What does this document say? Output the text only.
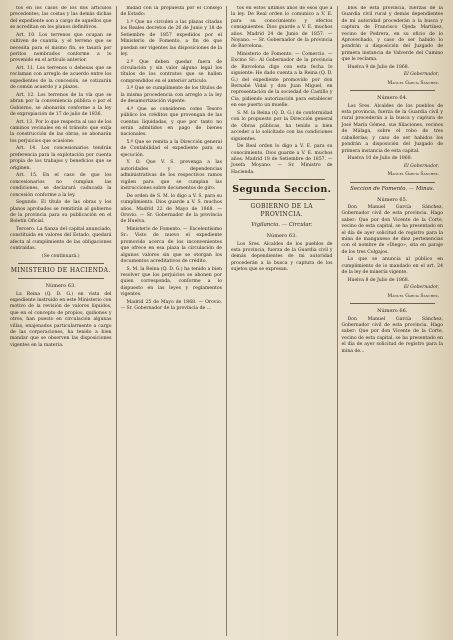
tos en los casos de los dos artículos precedentes, las costas y las demás dichas del expediente son a cargo de aquellos que se acreditan en los planos definitivos.

Art. 10. Los terrenos que ocupan se cultiven de cuantía, y el terreno que se necesita para el mismo fin, se tasará por peritos nombrados conforme a lo prevenido en el artículo anterior.

Art. 11. Los terrenos o dehesas que se reclaman con arreglo de acuerdo entre los expedientes de la concesión, se cotizarán de común acuerdo y a plazos.

Art. 12. Los terrenos de la vía que se abran por la conveniencia pública o por el Gobierno, se abonarán conforme a la ley de expropiación de 17 de julio de 1836.

Art. 13. Por lo que respecta al uso de los caminos vecinales en el tránsito que exija la construcción de las obras, se abonarán los perjuicios que ocasione.

Art. 14. Los concesionarios tendrán preferencia para la explotación por cuenta propia de los trabajos y beneficios que se originen.

Art. 15. En el caso de que los concesionarios no cumplan las condiciones, se declarará caducada la concesión conforme a la ley.

Segundo. El título de las obras y los planos aprobados se remitirán al gobierno de la provincia para su publicación en el Boletín Oficial.

Tercero. La fianza del capital anunciado, constituida en valores del Estado, quedará afecta al cumplimiento de las obligaciones contraídas.

(Se continuará.)

MINISTERIO DE HACIENDA.

Número 63.

La Reina (Q. D. G.) en vista del expediente instruido en este Ministerio con motivo de la revisión de valores líquidos, que en el concepto de propios, quiñones y otros, han puesto en circulación algunas villas, enajenados particularmente a cargo de las corporaciones, ha tenido a bien mandar que se observen las disposiciones vigentes en la materia.

midad con la propuesta por el Consejo de Estado:

1.º Que no circulen a las plazas citadas los Reales decretos de 26 de Junio y 18 de Setiembre de 1857 expedidos por el Ministerio de Fomento, a fin de que puedan ser vigentes las disposiciones de la ley.

2.º Que deben quedar fuera de circulación y sin valor alguno legal los títulos de los contratos que se hallen comprendidos en el anterior artículo.

3.º Que se cumplimente de los títulos de la misma procedencia con arreglo a la ley de desamortización vigente.

4.º Que se consideren como Tesoro público los créditos que provengan de las cuentas liquidadas, y que por tanto no serán admitidos en pago de bienes nacionales.

5.º Que se remita a la Dirección general de Contabilidad el expediente para su ejecución.

Y. O. Que V. S. prevenga a las autoridades y dependencias administrativas de los respectivos ramos vigilen para que se cumplan las instrucciones sobre documentos de giro.

De orden de S. M. lo digo a V. S. para su cumplimiento. Dios guarde a V. S. muchos años. Madrid 22 de Mayo de 1868. — Orovio. — Sr. Gobernador de la provincia de Huelva.

Ministerio de Fomento. — Excelentísimo Sr.: Visto de nuevo el expediente promovido acerca de los inconvenientes que ofrece en esa plaza la circulación de algunos valores sin que se otorgan los documentos acreditativos de crédito.

S. M. la Reina (Q. D. G.) ha tenido a bien resolver que los perjuicios se abonen por quien corresponda, conforme a lo dispuesto en las leyes y reglamentos vigentes.

Madrid 25 de Mayo de 1868. — Orovio. — Sr. Gobernador de la provincia de ...

tos en estos últimos años de esos que a la ley. De Real orden lo comunico a V. E. para su conocimiento y efectos consiguientes. Dios guarde a V. E. muchos años. Madrid 24 de Junio de 1857. — Noyano. — Sr. Gobernador de la provincia de Barcelona.

Ministerio de Fomento. — Comercio. — Excmo Sr.: Al Gobernador de la provincia de Barcelona digo con esta fecha lo siguiente: He dado cuenta a la Reina (Q. D. G.) del expediente promovido por don Bernabé Vidal y don Juan Miguel, en representación de la sociedad de Castillo y Cia, pidiendo autorización para establecer en ese puerto un muelle.

S. M. la Reina (Q. D. G.) de conformidad con lo propuesto por la Dirección general de Obras públicas, ha tenido a bien acceder a lo solicitado con las condiciones siguientes.

De Real orden lo digo a V. E. para su conocimiento. Dios guarde a V. E. muchos años. Madrid 18 de Setiembre de 1857. — Josefa Moyano. — Sr. Ministro de Hacienda.

Segunda Seccion.
GOBIERNO DE LA PROVINCIA.
Vigilancia. — Circular.

Número 63.

Los Sres. Alcaldes de los pueblos de esta provincia, fuerza de la Guardia civil y demás dependientes de mi autoridad procederán a la busca y captura de los sujetos que se expresan.

blos de esta provincia, fuerzas de la Guardia civil rural y demás dependientes de mi autoridad procederán a la busca y captura de Francisco Ojeda Martínez, vecino de Pedrera, en su oficio de lo Aprovechado, y caso de ser habido lo pondrán a disposición del Juzgado de primera instancia de Valverde del Camino que le reclama.

Huelva 9 de Julio de 1868.

El Gobernador,

Manuel García Sánchez.

Número 64.

Los Sres. Alcaldes de los pueblos de esta provincia, fuerza de la Guardia civil y rural procederán a la busca y captura de José María Gómez, sus filiaciones, vecinos de Málaga, sobre el robo de tres caballerías; y caso de ser habidos los pondrán a disposición del Juzgado de primera instancia de esta capital.

Huelva 10 de Julio de 1868.

El Gobernador,

Manuel García Sánchez.

Seccion de Fomento. — Minas.

Número 65.

Don Manuel García Sánchez, Gobernador civil de esta provincia. Hago saber: Que por don Vicente de la Corte, vecino de esta capital, se ha presentado en el día de ayer solicitud de registro para la mina de manganeso de diez pertenencias con el nombre de «Diego», sita en paraje de los tres Colgajos.

Lo que se anuncia al público en cumplimiento de lo mandado en el art. 24 de la ley de minería vigente.

Huelva 8 de Julio de 1868.

El Gobernador,

Manuel García Sánchez.

Número 66.

Don Manuel García Sánchez, Gobernador civil de esta provincia. Hago saber: Que por don Vicente de la Corte, vecino de esta capital, se ha presentado en el día de ayer solicitud de registro para la mina de...
